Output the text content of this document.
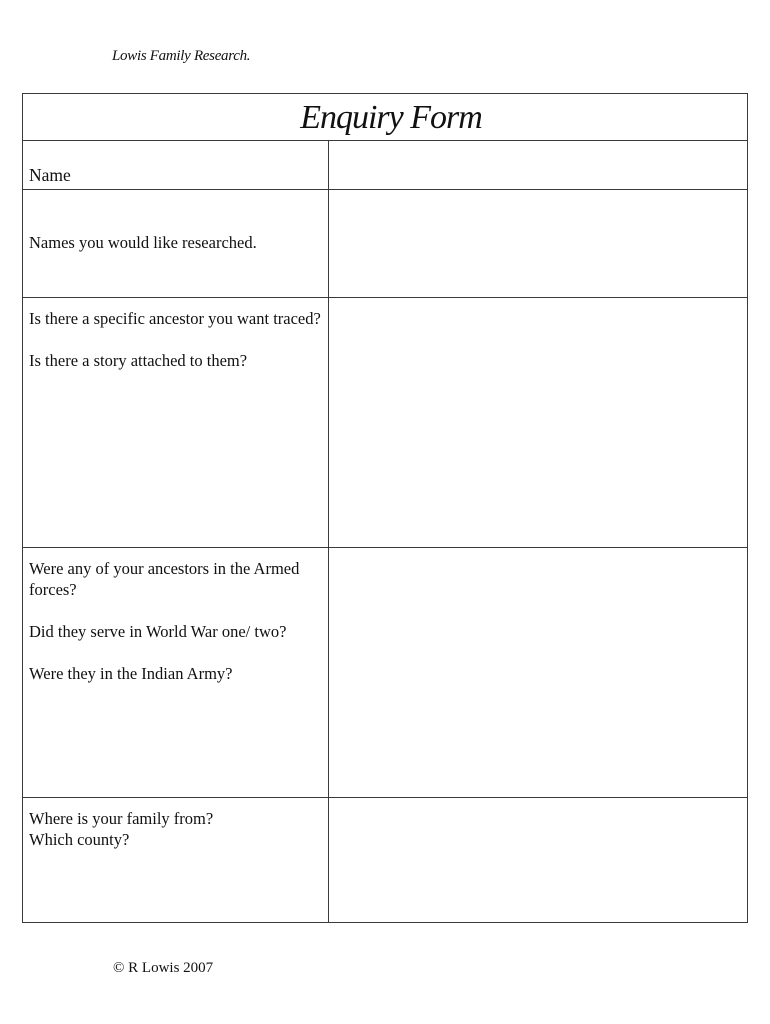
Lowis Family Research.
Enquiry Form
Name
Names you would like researched.
Is there a specific ancestor you want traced?
Is there a story attached to them?
Were any of your ancestors in the Armed forces?
Did they serve in World War one/ two?
Were they in the Indian Army?
Where is your family from?
Which county?
© R Lowis 2007
